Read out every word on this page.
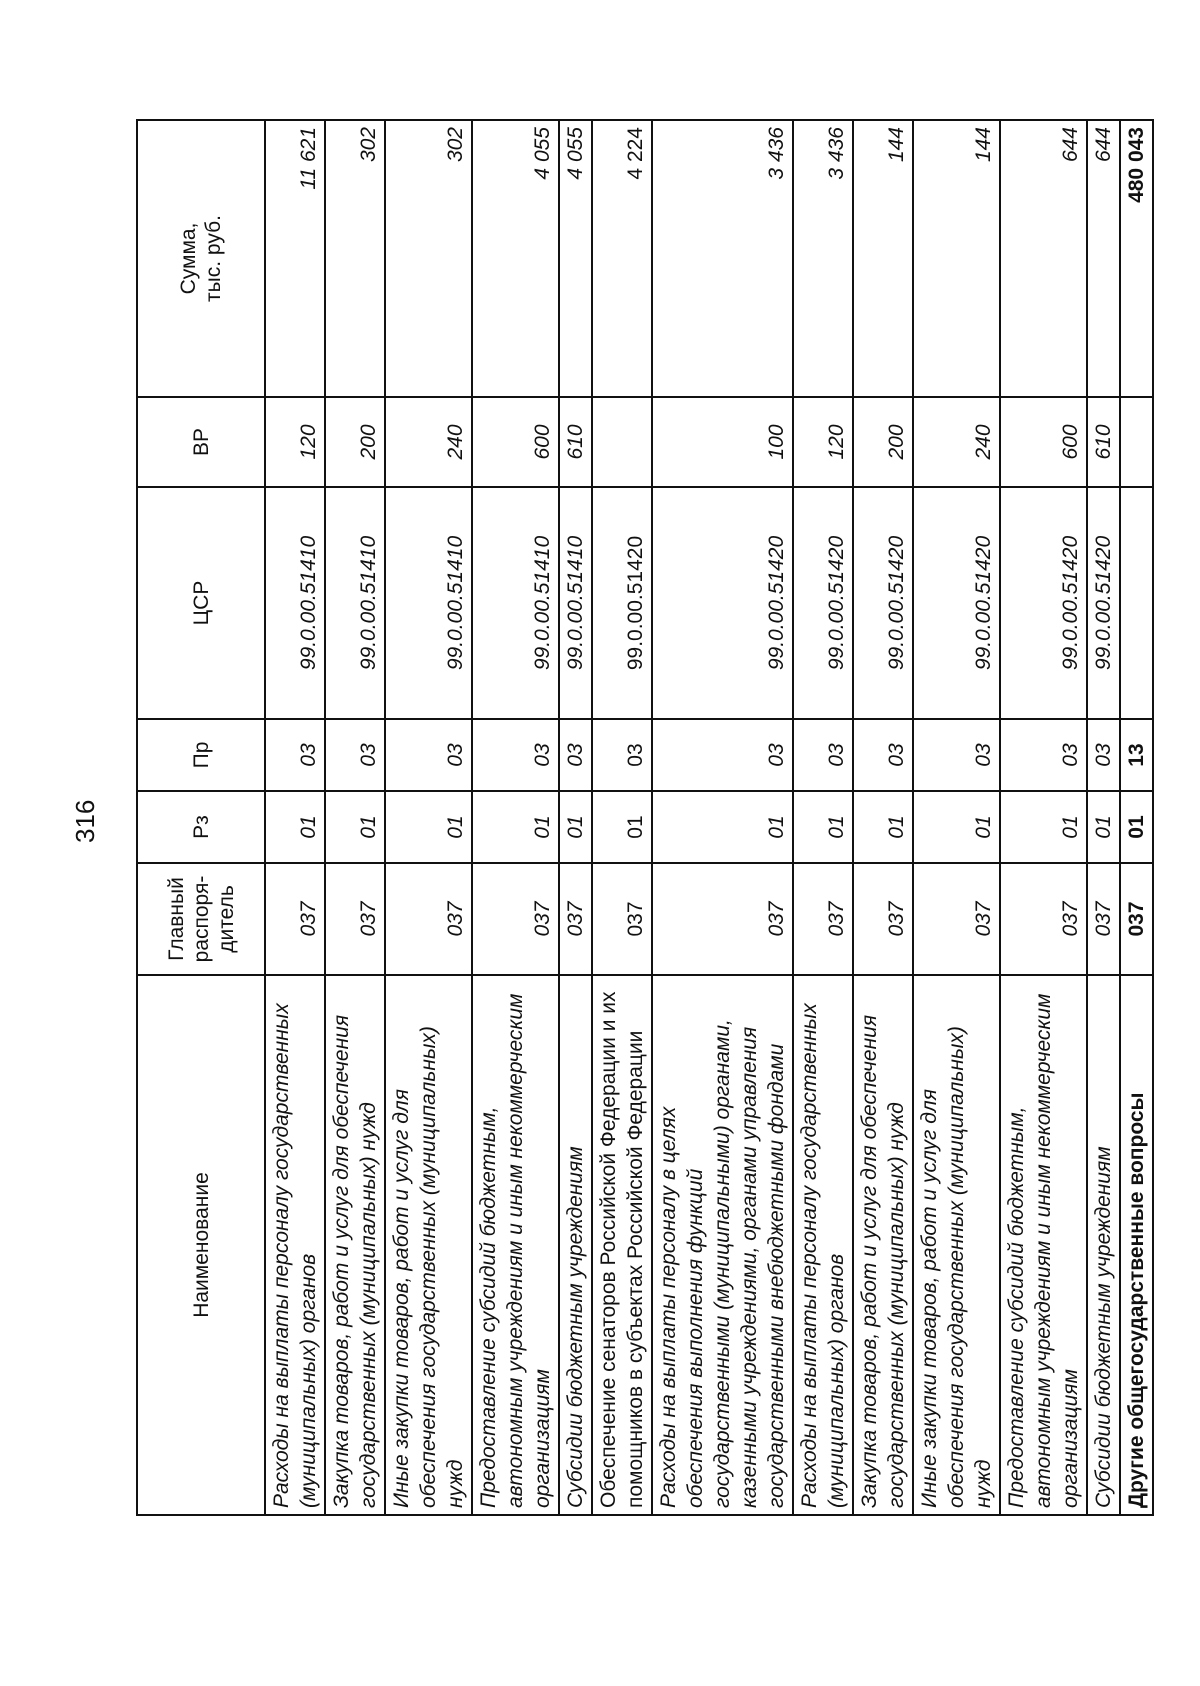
316
Наименование	Главный
распоря-
дитель	Рз	Пр	ЦСР	ВР	Сумма,
тыс. руб.
Расходы на выплаты персоналу государственных (муниципальных) органов	037	01	03	99.0.00.51410	120	11 621
Закупка товаров, работ и услуг для обеспечения государственных (муниципальных) нужд	037	01	03	99.0.00.51410	200	302
Иные закупки товаров, работ и услуг для обеспечения государственных (муниципальных) нужд	037	01	03	99.0.00.51410	240	302
Предоставление субсидий бюджетным, автономным учреждениям и иным некоммерческим организациям	037	01	03	99.0.00.51410	600	4 055
Субсидии бюджетным учреждениям	037	01	03	99.0.00.51410	610	4 055
Обеспечение сенаторов Российской Федерации и их помощников в субъектах Российской Федерации	037	01	03	99.0.00.51420		4 224
Расходы на выплаты персоналу в целях обеспечения выполнения функций государственными (муниципальными) органами, казенными учреждениями, органами управления государственными внебюджетными фондами	037	01	03	99.0.00.51420	100	3 436
Расходы на выплаты персоналу государственных (муниципальных) органов	037	01	03	99.0.00.51420	120	3 436
Закупка товаров, работ и услуг для обеспечения государственных (муниципальных) нужд	037	01	03	99.0.00.51420	200	144
Иные закупки товаров, работ и услуг для обеспечения государственных (муниципальных) нужд	037	01	03	99.0.00.51420	240	144
Предоставление субсидий бюджетным, автономным учреждениям и иным некоммерческим организациям	037	01	03	99.0.00.51420	600	644
Субсидии бюджетным учреждениям	037	01	03	99.0.00.51420	610	644
Другие общегосударственные вопросы	037	01	13			480 043
